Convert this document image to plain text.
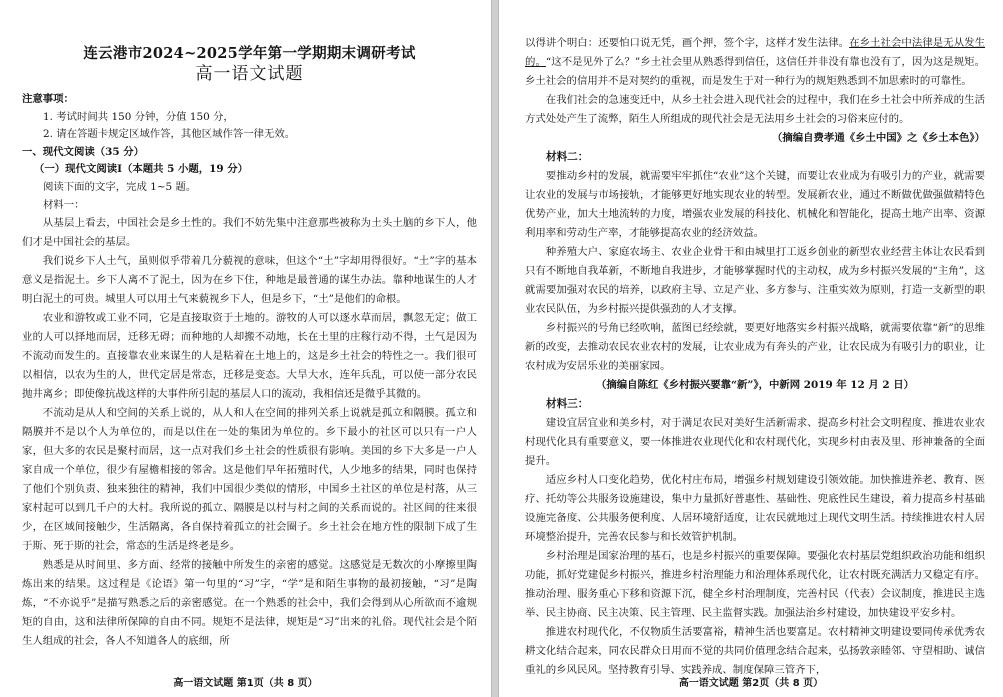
连云港市2024~2025学年第一学期期末调研考试
高一语文试题
注意事项：
1. 考试时间共 150 分钟，分值 150 分，
2. 请在答题卡规定区域作答，其他区域作答一律无效。
一、现代文阅读（35 分）
（一）现代文阅读Ⅰ（本题共 5 小题，19 分）
阅读下面的文字，完成 1~5 题。
材料一：

从基层上看去，中国社会是乡土性的。我们不妨先集中注意那些被称为土头土脑的乡下人，他们才是中国社会的基层。

我们说乡下人土气，虽则似乎带着几分藐视的意味，但这个“土”字却用得很好。“土”字的基本意义是指泥土。乡下人离不了泥土，因为在乡下住，种地是最普通的谋生办法。靠种地谋生的人才明白泥土的可贵。城里人可以用土气来藐视乡下人，但是乡下，“土”是他们的命根。

农业和游牧或工业不同，它是直接取资于土地的。游牧的人可以逐水草而居，飘忽无定；做工业的人可以择地而居，迁移无碍；而种地的人却搬不动地，长在土里的庄稼行动不得，土气是因为不流动而发生的。直接靠农业来谋生的人是粘着在土地上的，这是乡土社会的特性之一。我们很可以相信，以农为生的人，世代定居是常态，迁移是变态。大旱大水，连年兵乱，可以使一部分农民抛井离乡；即使像抗战这样的大事件所引起的基层人口的流动，我相信还是微乎其微的。

不流动是从人和空间的关系上说的，从人和人在空间的排列关系上说就是孤立和隔膜。孤立和隔膜并不是以个人为单位的，而是以住在一处的集团为单位的。乡下最小的社区可以只有一户人家，但大多的农民是聚村而居，这一点对我们乡土社会的性质很有影响。美国的乡下大多是一户人家自成一个单位，很少有屋檐相接的邻舍。这是他们早年拓殖时代，人少地多的结果，同时也保持了他们个别负责、独来独往的精神，我们中国很少类似的情形，中国乡土社区的单位是村落，从三家村起可以到几千户的大村。我所说的孤立、隔膜是以村与村之间的关系而说的。社区间的往来很少，在区域间接触少，生活隔离，各自保持着孤立的社会圈子。乡土社会在地方性的限制下成了生于斯、死于斯的社会，常态的生活是终老是乡。

熟悉是从时间里、多方面、经常的接触中所发生的亲密的感觉。这感觉是无数次的小摩擦里陶炼出来的结果。这过程是《论语》第一句里的“习”字，“学”是和陌生事物的最初接触，“习”是陶炼，“不亦说乎”是描写熟悉之后的亲密感觉。在一个熟悉的社会中，我们会得到从心所欲而不逾规矩的自由，这和法律所保障的自由不同。规矩不是法律，规矩是“习”出来的礼俗。现代社会是个陌生人组成的社会，各人不知道各人的底细，所

高一语文试题 第1页（共 8 页）

以得讲个明白：还要怕口说无凭，画个押，签个字，这样才发生法律。在乡土社会中法律是无从发生的。“这不是见外了么？”乡土社会里从熟悉得到信任，这信任并非没有靠也没有了，因为这是规矩。乡土社会的信用并不是对契约的重视，而是发生于对一种行为的规矩熟悉到不加思索时的可靠性。

在我们社会的急速变迁中，从乡土社会进入现代社会的过程中，我们在乡土社会中所养成的生活方式处处产生了流弊，陌生人所组成的现代社会是无法用乡土社会的习俗来应付的。

（摘编自费孝通《乡土中国》之《乡土本色》）
材料二：

要推动乡村的发展，就需要牢牢抓住“农业”这个关键，而要让农业成为有吸引力的产业，就需要让农业的发展与市场接轨，才能够更好地实现农业的转型。发展新农业，通过不断做优做强做精特色优势产业，加大土地流转的力度，增强农业发展的科技化、机械化和智能化，提高土地产出率、资源利用率和劳动生产率，才能够提高农业的经济效益。

种养殖大户、家庭农场主、农业企业骨干和由城里打工返乡创业的新型农业经营主体让农民看到只有不断地自我革新，不断地自我进步，才能够掌握时代的主动权，成为乡村振兴发展的“主角”，这就需要加强对农民的培养，以政府主导、立足产业、多方参与、注重实效为原则，打造一支新型的职业农民队伍，为乡村振兴提供强劲的人才支撑。

乡村振兴的号角已经吹响，蓝图已经绘就，要更好地落实乡村振兴战略，就需要依靠“新”的思维新的改变，去推动农民农业农村的发展，让农业成为有奔头的产业，让农民成为有吸引力的职业，让农村成为安居乐业的美丽家园。

（摘编自陈红《乡村振兴要靠“新”》，中新网 2019 年 12 月 2 日）
材料三：

建设宜居宜业和美乡村，对于满足农民对美好生活新需求、提高乡村社会文明程度、推进农业农村现代化具有重要意义，要一体推进农业现代化和农村现代化，实现乡村由表及里、形神兼备的全面提升。

适应乡村人口变化趋势，优化村庄布局，增强乡村规划建设引领效能。加快推进养老、教育、医疗、托幼等公共服务设施建设，集中力量抓好普惠性、基础性、兜底性民生建设，着力提高乡村基础设施完备度、公共服务便利度、人居环境舒适度，让农民就地过上现代文明生活。持续推进农村人居环境整治提升，完善农民参与和长效管护机制。

乡村治理是国家治理的基石，也是乡村振兴的重要保障。要强化农村基层党组织政治功能和组织功能，抓好党建促乡村振兴，推进乡村治理能力和治理体系现代化，让农村既充满活力又稳定有序。推动治理、服务重心下移和资源下沉，健全乡村治理制度，完善村民（代表）会议制度，推进民主选举、民主协商、民主决策、民主管理、民主监督实践。加强法治乡村建设，加快建设平安乡村。

推进农村现代化，不仅物质生活要富裕，精神生活也要富足。农村精神文明建设要同传承优秀农耕文化结合起来，同农民群众日用而不觉的共同价值理念结合起来，弘扬敦亲睦邻、守望相助、诚信重礼的乡风民风。坚持教育引导、实践养成、制度保障三管齐下，

高一语文试题 第2页（共 8 页）
